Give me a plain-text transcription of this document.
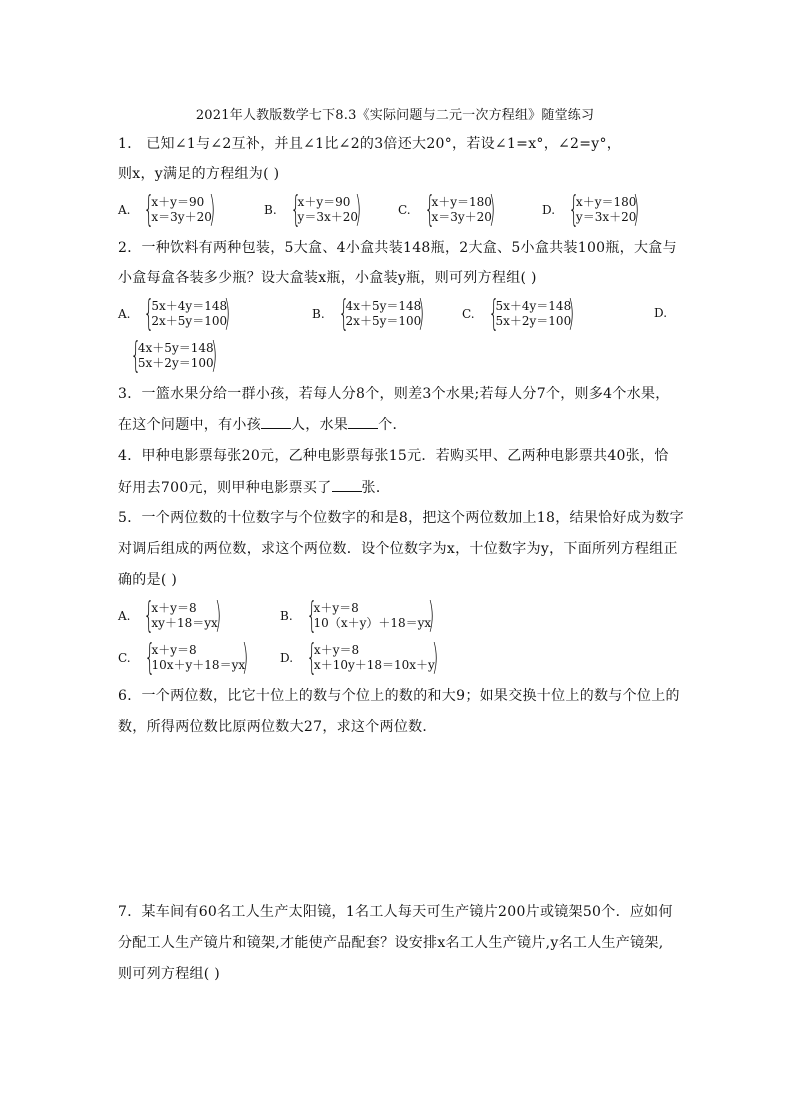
2021年人教版数学七下8.3《实际问题与二元一次方程组》随堂练习
1． 已知∠1与∠2互补，并且∠1比∠2的3倍还大20°，若设∠1=x°，∠2=y°，
则x，y满足的方程组为( )
A. {
x＋y＝90
x＝3y＋20
)	B. {
x＋y＝90
y＝3x＋20
)	C. {
x＋y＝180
x＝3y＋20
)	D. {
x＋y＝180
y＝3x＋20
)
2．一种饮料有两种包装，5大盒、4小盒共装148瓶，2大盒、5小盒共装100瓶，大盒与
小盒每盒各装多少瓶？设大盒装x瓶，小盒装y瓶，则可列方程组( )
A. {
5x＋4y＝148
2x＋5y＝100
)	B. {
4x＋5y＝148
2x＋5y＝100
)	C. {
5x＋4y＝148
5x＋2y＝100
)	D.
{
4x＋5y＝148
5x＋2y＝100
)
3．一篮水果分给一群小孩，若每人分8个，则差3个水果;若每人分7个，则多4个水果，
在这个问题中，有小孩 人，水果 个．
4．甲种电影票每张20元，乙种电影票每张15元．若购买甲、乙两种电影票共40张，恰
好用去700元，则甲种电影票买了 张．
5．一个两位数的十位数字与个位数字的和是8，把这个两位数加上18，结果恰好成为数字
对调后组成的两位数，求这个两位数．设个位数字为x，十位数字为y，下面所列方程组正
确的是( )
A. {
x＋y＝8
xy＋18＝yx
)	B. {
x＋y＝8
10（x＋y）＋18＝yx
)
C. {
x＋y＝8
10x＋y＋18＝yx
)	D. {
x＋y＝8
x＋10y＋18＝10x＋y
)
6．一个两位数，比它十位上的数与个位上的数的和大9；如果交换十位上的数与个位上的
数，所得两位数比原两位数大27，求这个两位数．
7．某车间有60名工人生产太阳镜，1名工人每天可生产镜片200片或镜架50个．应如何
分配工人生产镜片和镜架,才能使产品配套？设安排x名工人生产镜片,y名工人生产镜架,
则可列方程组( )
